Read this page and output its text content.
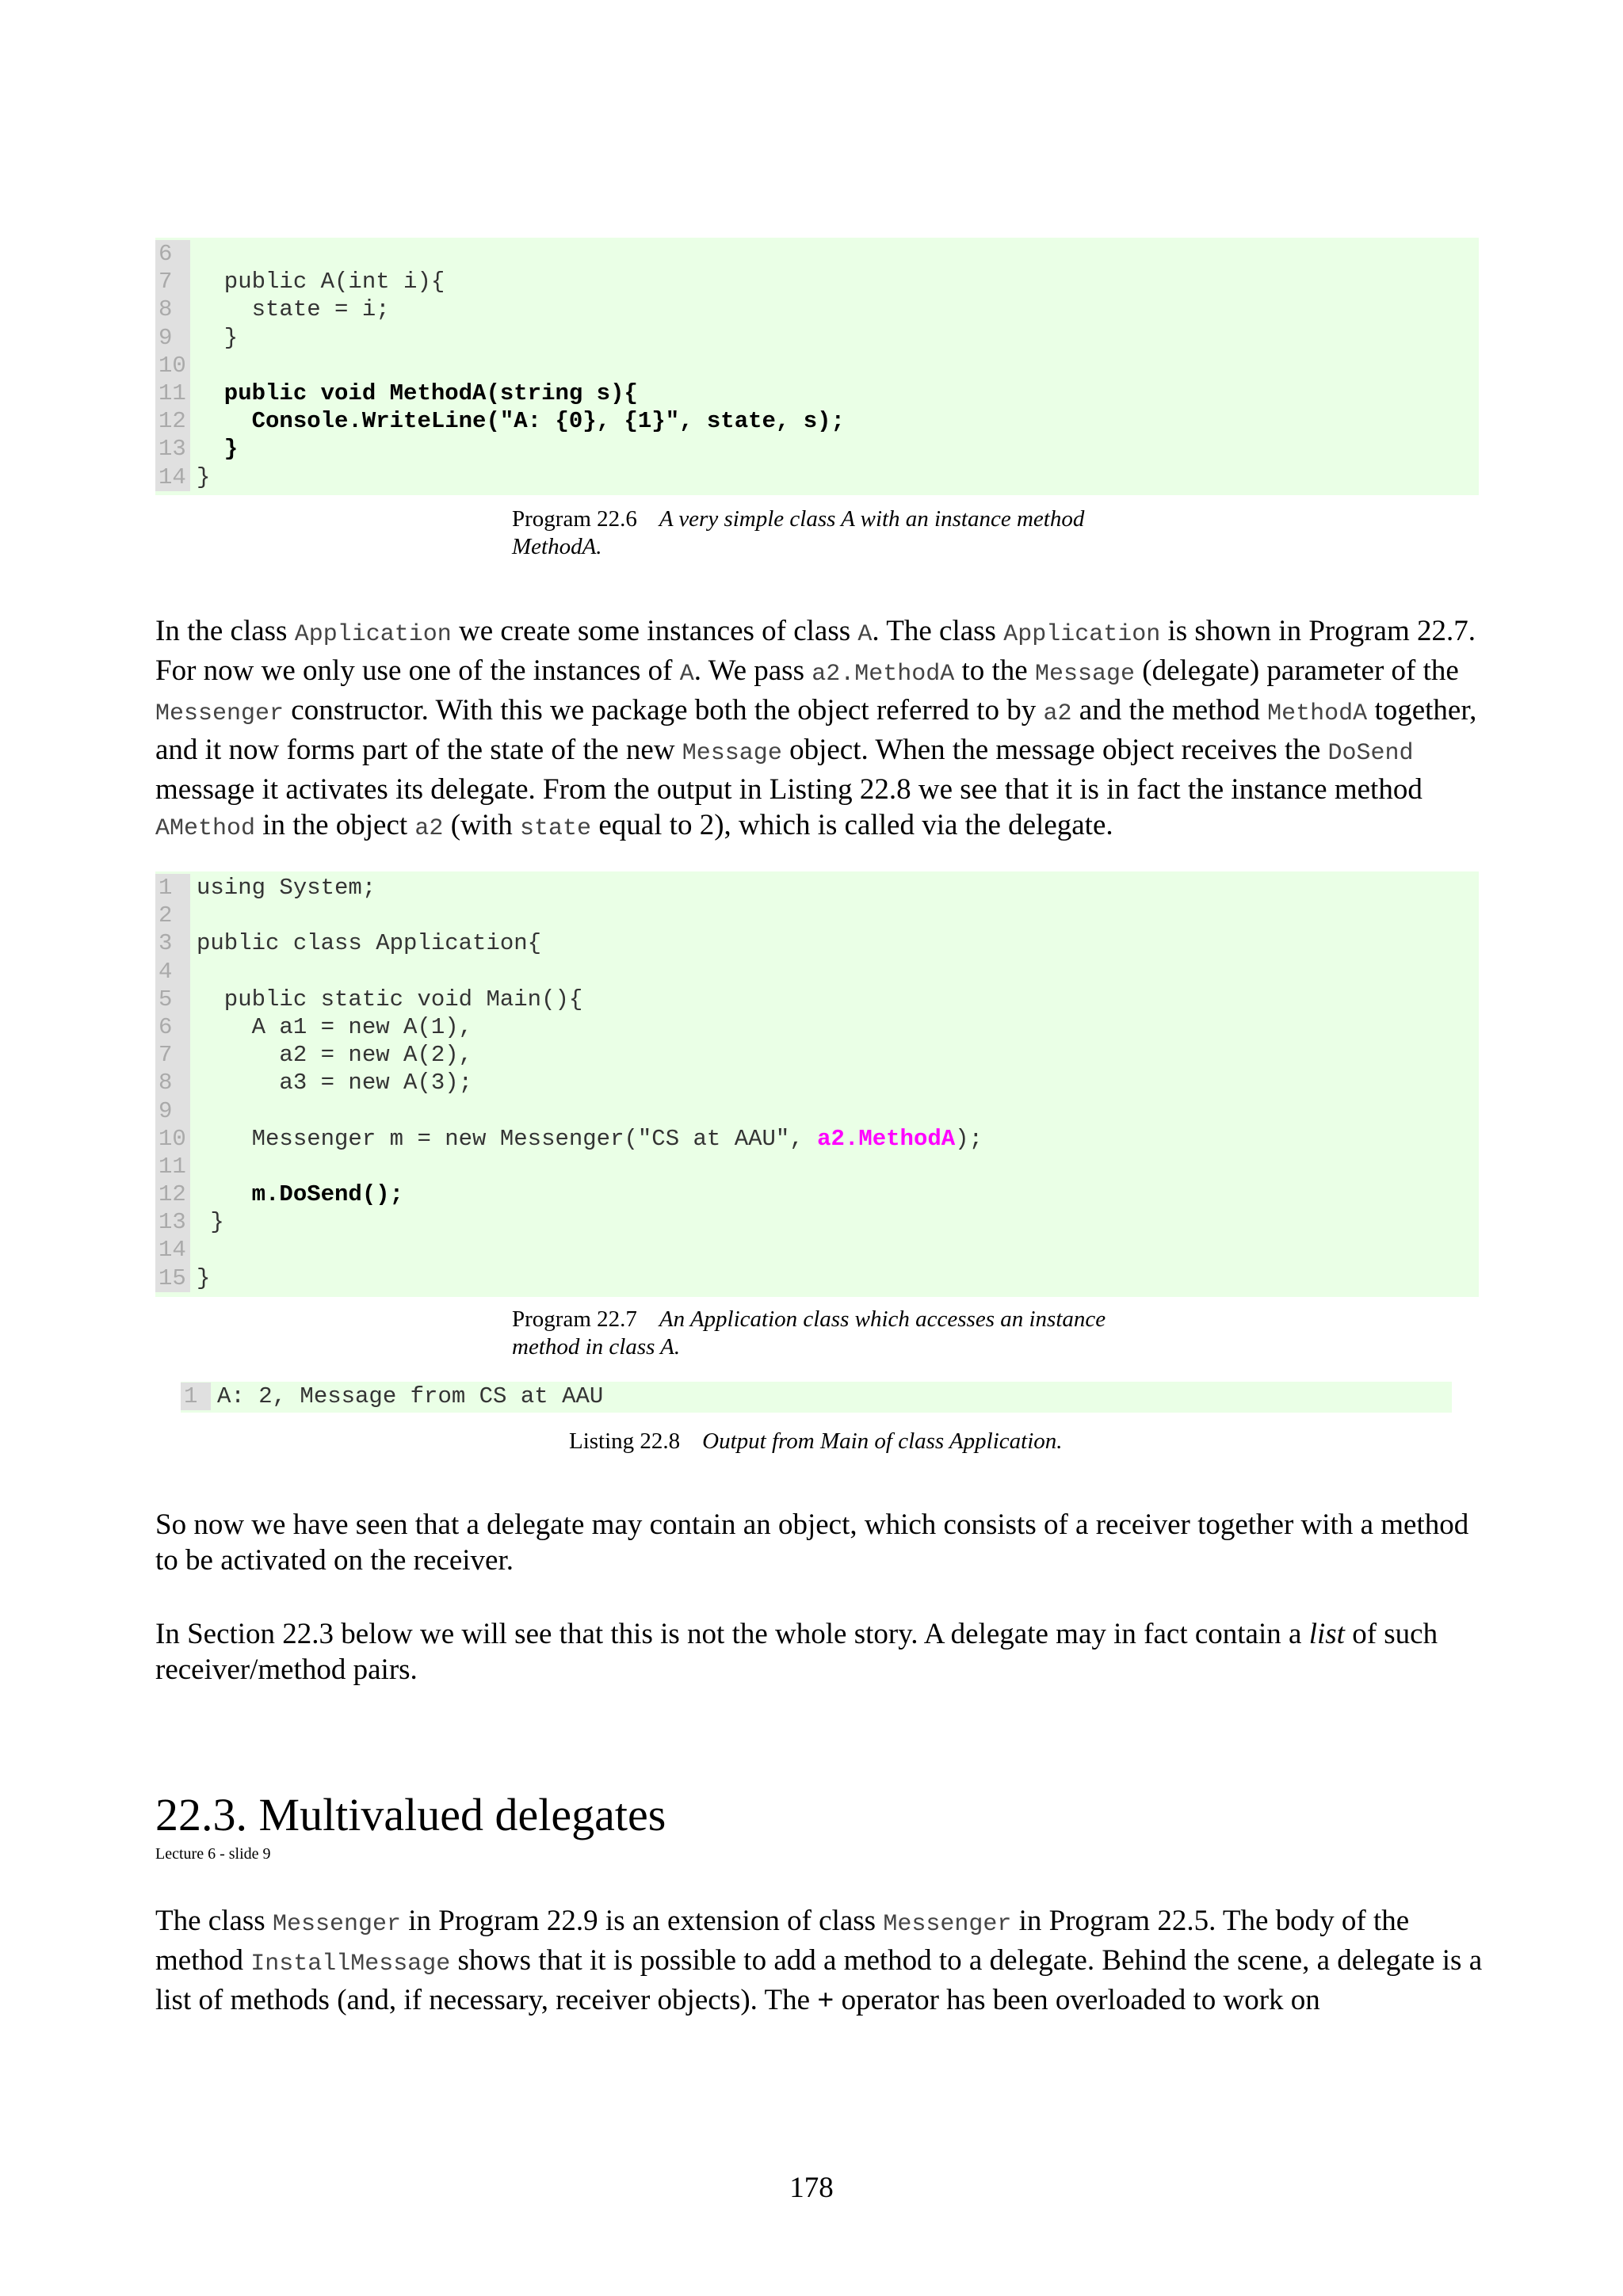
6
7	public A(int i){
8	state = i;
9	}
10
11 public void MethodA(string s){
12 Console.WriteLine("A: {0}, {1}", state, s);
13 }
14 }
Program 22.6 A very simple class A with an instance method
MethodA.
In the class Application we create some instances of class A. The class Application is shown in Program 22.7. For now we only use one of the instances of A. We pass a2.MethodA to the Message (delegate) parameter of the Messenger constructor. With this we package both the object referred to by a2 and the method MethodA together, and it now forms part of the state of the new Message object. When the message object receives the DoSend message it activates its delegate. From the output in Listing 22.8 we see that it is in fact the instance method AMethod in the object a2 (with state equal to 2), which is called via the delegate.
1	using System;
2
3	public class Application{
4
5	public static void Main(){
6	A a1 = new A(1),
7	a2 = new A(2),
8	a3 = new A(3);
9
10 Messenger m = new Messenger("CS at AAU", a2.MethodA);
11
12 m.DoSend();
13 }
14
15 }
Program 22.7 An Application class which accesses an instance
method in class A.
1 A: 2, Message from CS at AAU
Listing 22.8 Output from Main of class Application.
So now we have seen that a delegate may contain an object, which consists of a receiver together with a method to be activated on the receiver.
In Section 22.3 below we will see that this is not the whole story. A delegate may in fact contain a list of such receiver/method pairs.
22.3. Multivalued delegates
Lecture 6 - slide 9
The class Messenger in Program 22.9 is an extension of class Messenger in Program 22.5. The body of the method InstallMessage shows that it is possible to add a method to a delegate. Behind the scene, a delegate is a list of methods (and, if necessary, receiver objects). The + operator has been overloaded to work on
178
